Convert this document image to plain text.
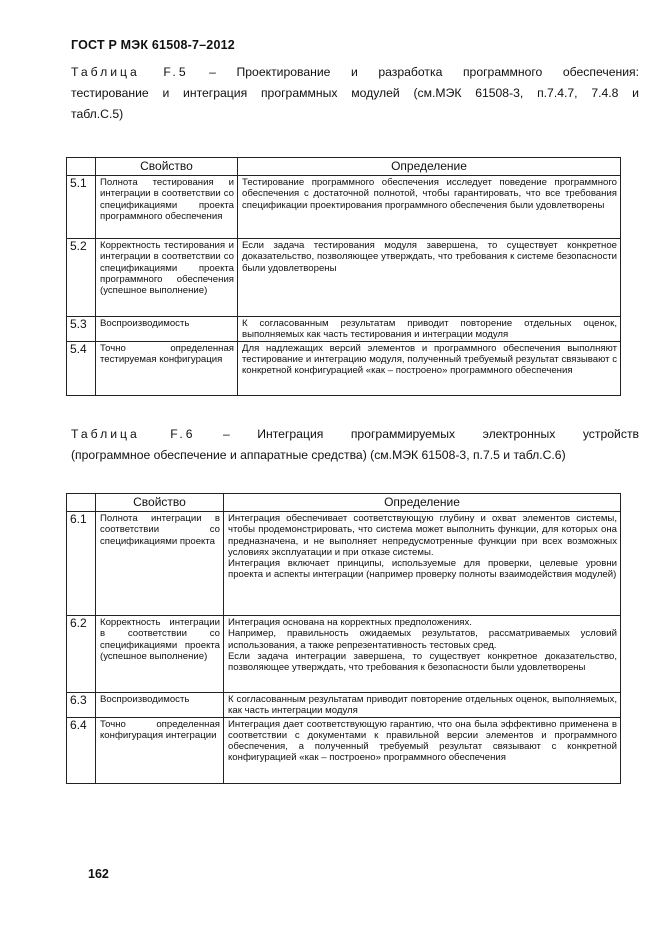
ГОСТ Р МЭК 61508-7–2012
Таблица F.5 – Проектирование и разработка программного обеспечения:
тестирование и интеграция программных модулей (см.МЭК 61508-3, п.7.4.7, 7.4.8 и
табл.С.5)
	Свойство	Определение
5.1	Полнота тестирования и интеграции в соответствии со спецификациями проекта программного обеспечения	Тестирование программного обеспечения исследует поведение программного обеспечения с достаточной полнотой, чтобы гарантировать, что все требования спецификации проектирования программного обеспечения были удовлетворены

5.2	Корректность тестирования и интеграции в соответствии со спецификациями проекта программного обеспечения (успешное выполнение)	Если задача тестирования модуля завершена, то существует конкретное доказательство, позволяющее утверждать, что требования к системе безопасности были удовлетворены

5.3	Воспроизводимость	К согласованным результатам приводит повторение отдельных оценок, выполняемых как часть тестирования и интеграции модуля

5.4	Точно определенная тестируемая конфигурация	Для надлежащих версий элементов и программного обеспечения выполняют тестирование и интеграцию модуля, полученный требуемый результат связывают с конкретной конфигурацией «как – построено» программного обеспечения
Таблица F.6 – Интеграция программируемых электронных устройств
(программное обеспечение и аппаратные средства) (см.МЭК 61508-3, п.7.5 и табл.С.6)
	Свойство	Определение
6.1	Полнота интеграции в соответствии со спецификациями проекта	Интеграция обеспечивает соответствующую глубину и охват элементов системы, чтобы продемонстрировать, что система может выполнить функции, для которых она предназначена, и не выполняет непредусмотренные функции при всех возможных условиях эксплуатации и при отказе системы.
Интеграция включает принципы, используемые для проверки, целевые уровни проекта и аспекты интеграции (например проверку полноты взаимодействия модулей)

6.2	Корректность интеграции в соответствии со спецификациями проекта (успешное выполнение)	Интеграция основана на корректных предположениях.
Например, правильность ожидаемых результатов, рассматриваемых условий использования, а также репрезентативность тестовых сред.
Если задача интеграции завершена, то существует конкретное доказательство, позволяющее утверждать, что требования к безопасности были удовлетворены

6.3	Воспроизводимость	К согласованным результатам приводит повторение отдельных оценок, выполняемых, как часть интеграции модуля

6.4	Точно определенная конфигурация интеграции	Интеграция дает соответствующую гарантию, что она была эффективно применена в соответствии с документами к правильной версии элементов и программного обеспечения, а полученный требуемый результат связывают с конкретной конфигурацией «как – построено» программного обеспечения
162
